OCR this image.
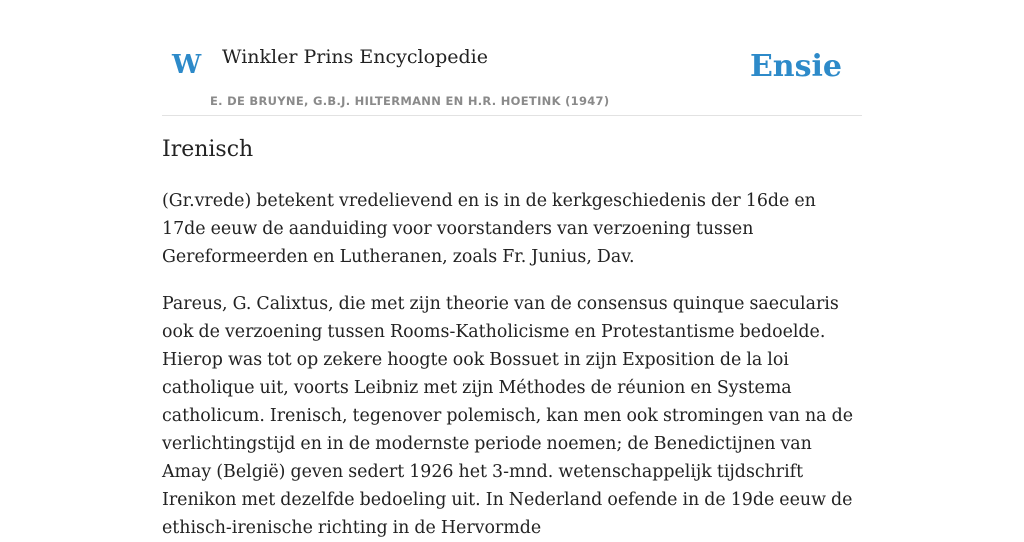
W Winkler Prins Encyclopedie
E. DE BRUYNE, G.B.J. HILTERMANN EN H.R. HOETINK (1947)
Ensie
Irenisch

(Gr.vrede) betekent vredelievend en is in de kerkgeschiedenis der 16de en 17de eeuw de aanduiding voor voorstanders van verzoening tussen Gereformeerden en Lutheranen, zoals Fr. Junius, Dav.

Pareus, G. Calixtus, die met zijn theorie van de consensus quinque saecularis ook de verzoening tussen Rooms-Katholicisme en Protestantisme bedoelde. Hierop was tot op zekere hoogte ook Bossuet in zijn Exposition de la loi catholique uit, voorts Leibniz met zijn Méthodes de réunion en Systema catholicum. Irenisch, tegenover polemisch, kan men ook stromingen van na de verlichtingstijd en in de modernste periode noemen; de Benedictijnen van Amay (België) geven sedert 1926 het 3-mnd. wetenschappelijk tijdschrift Irenikon met dezelfde bedoeling uit. In Nederland oefende in de 19de eeuw de ethisch-irenische richting in de Hervormde
